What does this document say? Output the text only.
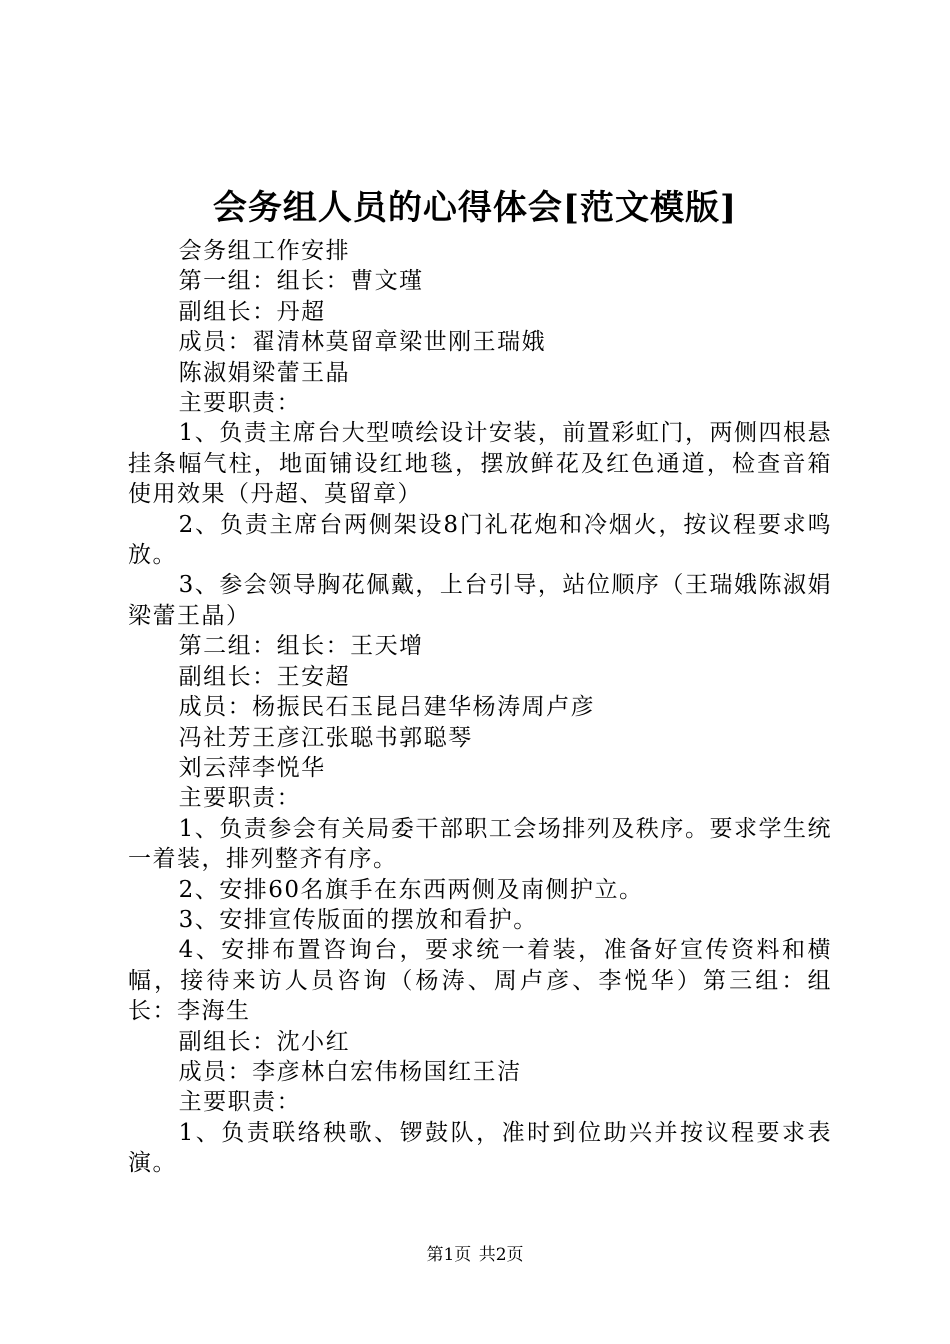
会务组人员的心得体会[范文模版]

会务组工作安排

第一组：组长：曹文瑾

副组长：丹超

成员：翟清林莫留章梁世刚王瑞娥

陈淑娟梁蕾王晶

主要职责：

1、负责主席台大型喷绘设计安装，前置彩虹门，两侧四根悬挂条幅气柱，地面铺设红地毯，摆放鲜花及红色通道，检查音箱使用效果（丹超、莫留章）

2、负责主席台两侧架设8门礼花炮和冷烟火，按议程要求鸣放。

3、参会领导胸花佩戴，上台引导，站位顺序（王瑞娥陈淑娟梁蕾王晶）

第二组：组长：王天增

副组长：王安超

成员：杨振民石玉昆吕建华杨涛周卢彦

冯社芳王彦江张聪书郭聪琴

刘云萍李悦华

主要职责：

1、负责参会有关局委干部职工会场排列及秩序。要求学生统一着装，排列整齐有序。

2、安排60名旗手在东西两侧及南侧护立。

3、安排宣传版面的摆放和看护。

4、安排布置咨询台，要求统一着装，准备好宣传资料和横幅，接待来访人员咨询（杨涛、周卢彦、李悦华）第三组：组长：李海生

副组长：沈小红

成员：李彦林白宏伟杨国红王洁

主要职责：

1、负责联络秧歌、锣鼓队，准时到位助兴并按议程要求表演。

第1页 共2页
